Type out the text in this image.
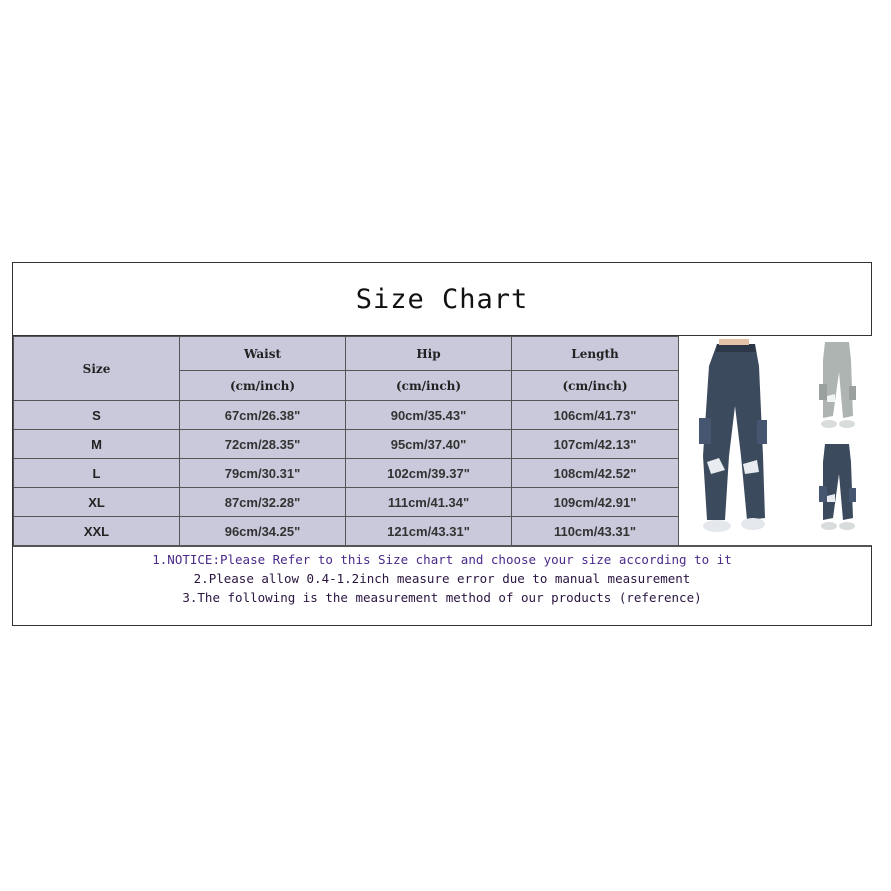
Size Chart
Size	Waist	Hip	Length
	(cm/inch)	(cm/inch)	(cm/inch)
S	67cm/26.38"	90cm/35.43"	106cm/41.73"
M	72cm/28.35"	95cm/37.40"	107cm/42.13"
L	79cm/30.31"	102cm/39.37"	108cm/42.52"
XL	87cm/32.28"	111cm/41.34"	109cm/42.91"
XXL	96cm/34.25"	121cm/43.31"	110cm/43.31"
1.NOTICE:Please Refer to this Size chart and choose your size according to it
2.Please allow 0.4-1.2inch measure error due to manual measurement
3.The following is the measurement method of our products (reference)
